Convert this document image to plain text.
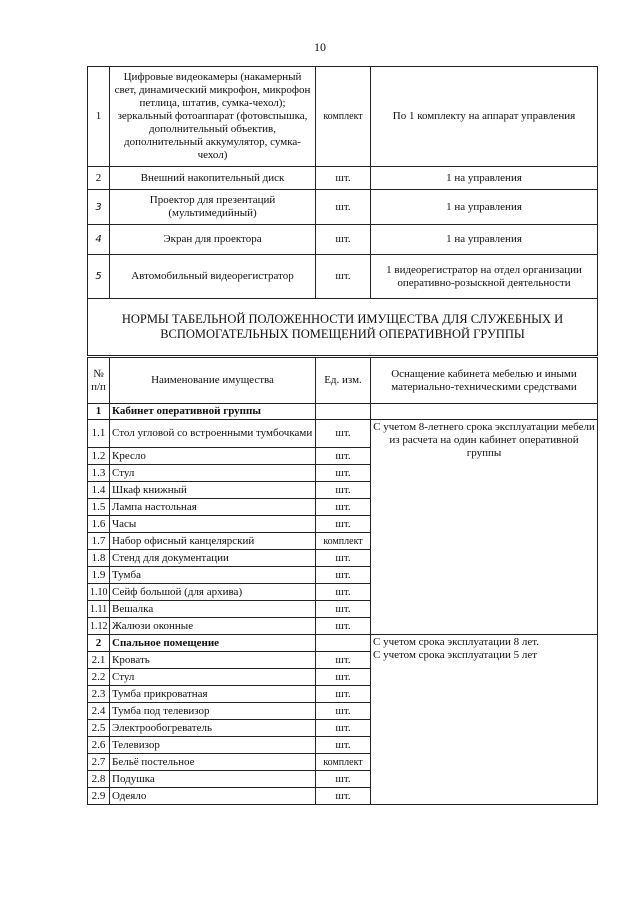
10
1	Цифровые видеокамеры (накамерный свет, динамический микрофон, микрофон петлица, штатив, сумка-чехол); зеркальный фотоаппарат (фотовспышка, дополнительный объектив, дополнительный аккумулятор, сумка-чехол)	комплект	По 1 комплекту на аппарат управления
2	Внешний накопительный диск	шт.	1 на управления
3	Проектор для презентаций (мультимедийный)	шт.	1 на управления
4	Экран для проектора	шт.	1 на управления
5	Автомобильный видеорегистратор	шт.	1 видеорегистратор на отдел организации оперативно-розыскной деятельности
НОРМЫ ТАБЕЛЬНОЙ ПОЛОЖЕННОСТИ ИМУЩЕСТВА ДЛЯ СЛУЖЕБНЫХ И ВСПОМОГАТЕЛЬНЫХ ПОМЕЩЕНИЙ ОПЕРАТИВНОЙ ГРУППЫ			
№ п/п	Наименование имущества	Ед. изм.	Оснащение кабинета мебелью и иными материально-техническими средствами
1	Кабинет оперативной группы		
1.1	Стол угловой со встроенными тумбочками	шт.	С учетом 8-летнего срока эксплуатации мебели из расчета на один кабинет оперативной группы
1.2	Кресло	шт.	
1.3	Стул	шт.	
1.4	Шкаф книжный	шт.	
1.5	Лампа настольная	шт.	
1.6	Часы	шт.	
1.7	Набор офисный канцелярский	комплект	
1.8	Стенд для документации	шт.	
1.9	Тумба	шт.	
1.10	Сейф большой (для архива)	шт.	
1.11	Вешалка	шт.	
1.12	Жалюзи оконные	шт.	
2	Спальное помещение		С учетом срока эксплуатации 8 лет.
С учетом срока эксплуатации 5 лет

2.1	Кровать	шт.	
2.2	Стул	шт.	
2.3	Тумба прикроватная	шт.	
2.4	Тумба под телевизор	шт.	
2.5	Электрообогреватель	шт.	
2.6	Телевизор	шт.	
2.7	Бельё постельное	комплект	
2.8	Подушка	шт.	
2.9	Одеяло	шт.	
